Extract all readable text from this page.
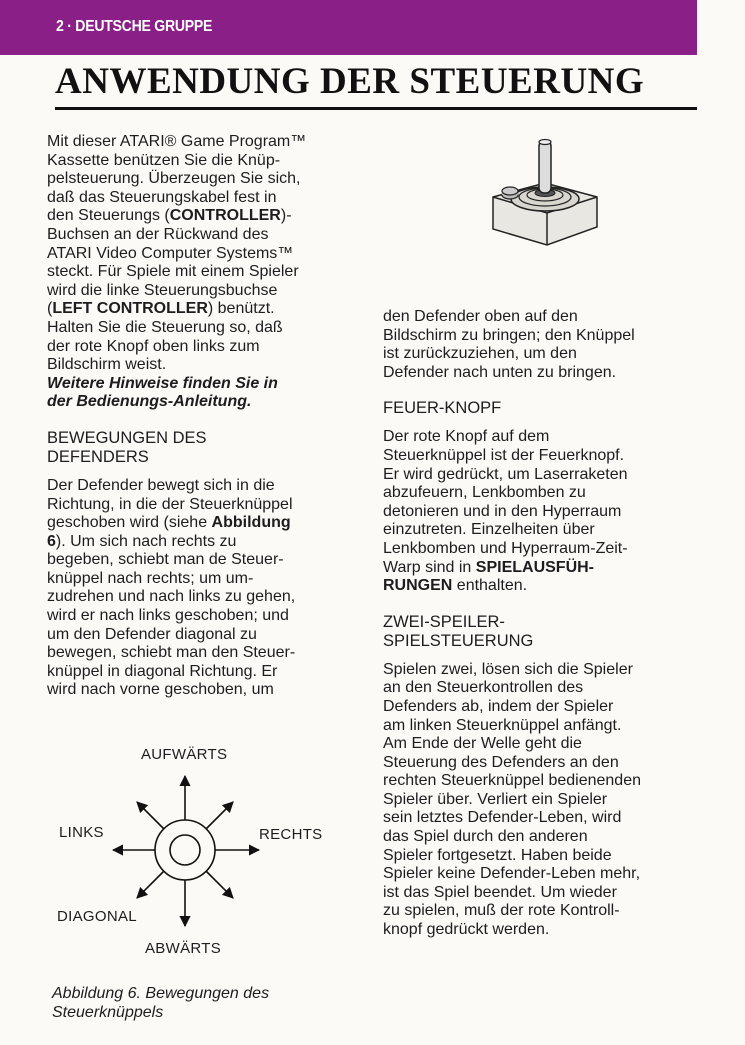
2 · DEUTSCHE GRUPPE
ANWENDUNG DER STEUERUNG

Mit dieser ATARI® Game Program™
Kassette benützen Sie die Knüp-
pelsteuerung. Überzeugen Sie sich,
daß das Steuerungskabel fest in
den Steuerungs (CONTROLLER)-
Buchsen an der Rückwand des
ATARI Video Computer Systems™
steckt. Für Spiele mit einem Spieler
wird die linke Steuerungsbuchse
(LEFT CONTROLLER) benützt.
Halten Sie die Steuerung so, daß
der rote Knopf oben links zum
Bildschirm weist.

Weitere Hinweise finden Sie in
der Bedienungs-Anleitung.

BEWEGUNGEN DES
DEFENDERS

Der Defender bewegt sich in die
Richtung, in die der Steuerknüppel
geschoben wird (siehe Abbildung
6). Um sich nach rechts zu
begeben, schiebt man de Steuer-
knüppel nach rechts; um um-
zudrehen und nach links zu gehen,
wird er nach links geschoben; und
um den Defender diagonal zu
bewegen, schiebt man den Steuer-
knüppel in diagonal Richtung. Er
wird nach vorne geschoben, um

den Defender oben auf den
Bildschirm zu bringen; den Knüppel
ist zurückzuziehen, um den
Defender nach unten zu bringen.

FEUER-KNOPF

Der rote Knopf auf dem
Steuerknüppel ist der Feuerknopf.
Er wird gedrückt, um Laserraketen
abzufeuern, Lenkbomben zu
detonieren und in den Hyperraum
einzutreten. Einzelheiten über
Lenkbomben und Hyperraum-Zeit-
Warp sind in SPIELAUSFÜH-
RUNGEN enthalten.

ZWEI-SPEILER-
SPIELSTEUERUNG

Spielen zwei, lösen sich die Spieler
an den Steuerkontrollen des
Defenders ab, indem der Spieler
am linken Steuerknüppel anfängt.
Am Ende der Welle geht die
Steuerung des Defenders an den
rechten Steuerknüppel bedienenden
Spieler über. Verliert ein Spieler
sein letztes Defender-Leben, wird
das Spiel durch den anderen
Spieler fortgesetzt. Haben beide
Spieler keine Defender-Leben mehr,
ist das Spiel beendet. Um wieder
zu spielen, muß der rote Kontroll-
knopf gedrückt werden.

AUFWÄRTS
LINKS	RECHTS
DIAGONAL
ABWÄRTS

Abbildung 6. Bewegungen des
Steuerknüppels
